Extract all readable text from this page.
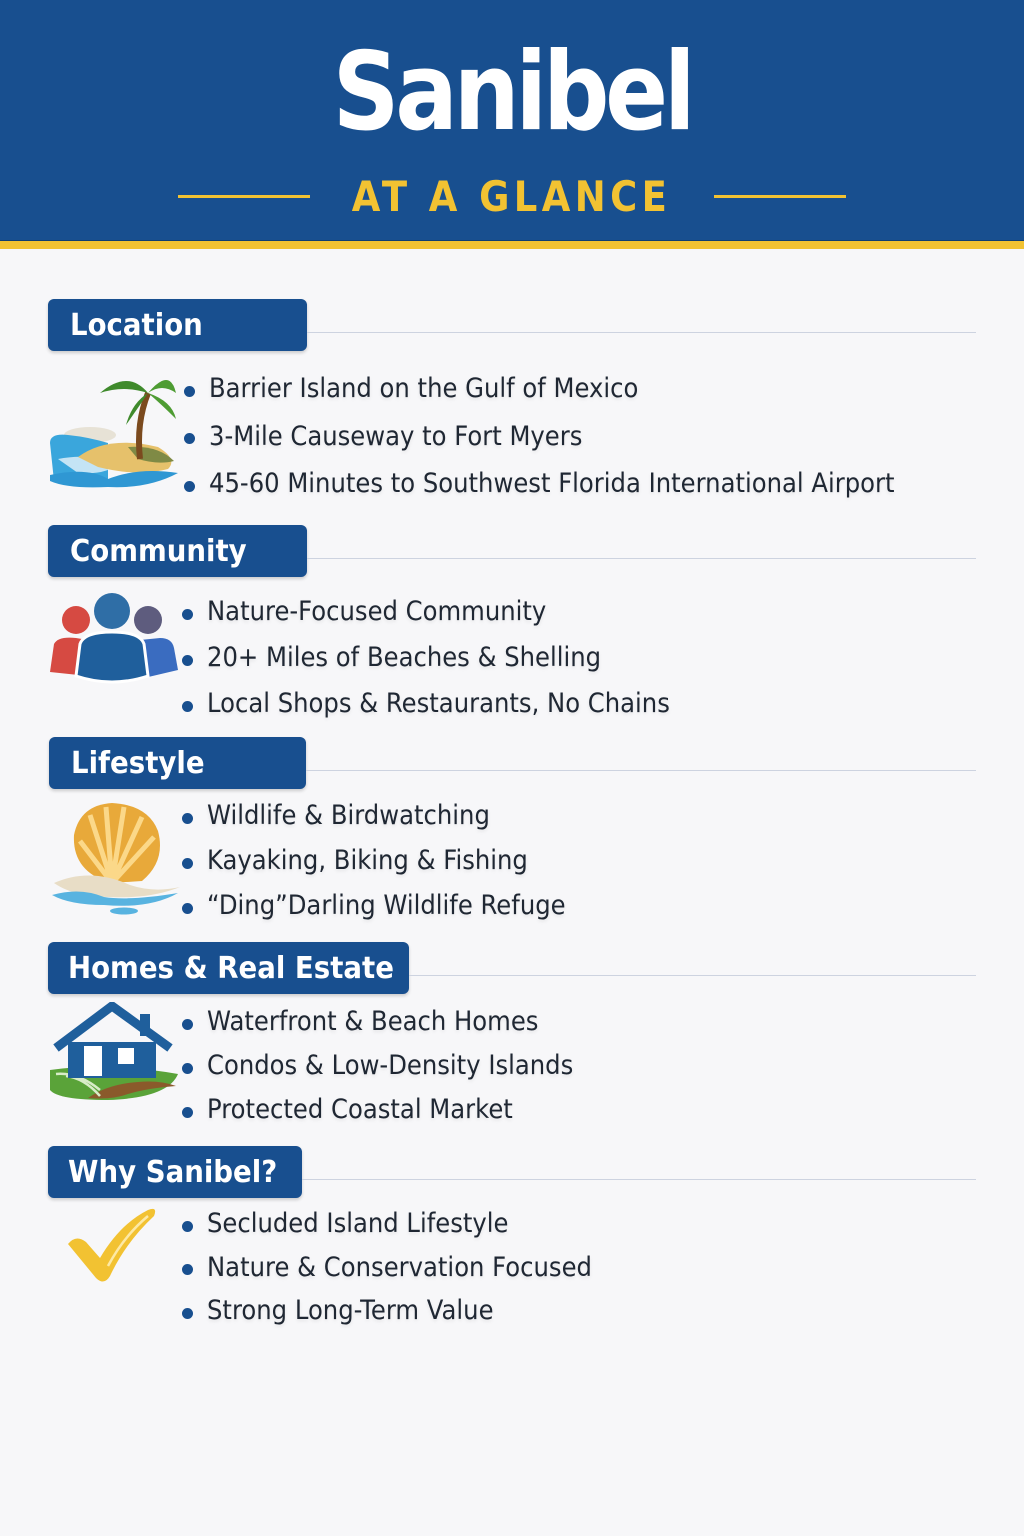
Sanibel
AT A GLANCE
Location
Barrier Island on the Gulf of Mexico
3-Mile Causeway to Fort Myers
45-60 Minutes to Southwest Florida International Airport
Community
Nature-Focused Community
20+ Miles of Beaches & Shelling
Local Shops & Restaurants, No Chains
Lifestyle
Wildlife & Birdwatching
Kayaking, Biking & Fishing
“Ding”Darling Wildlife Refuge
Homes & Real Estate
Waterfront & Beach Homes
Condos & Low-Density Islands
Protected Coastal Market
Why Sanibel?
Secluded Island Lifestyle
Nature & Conservation Focused
Strong Long-Term Value
